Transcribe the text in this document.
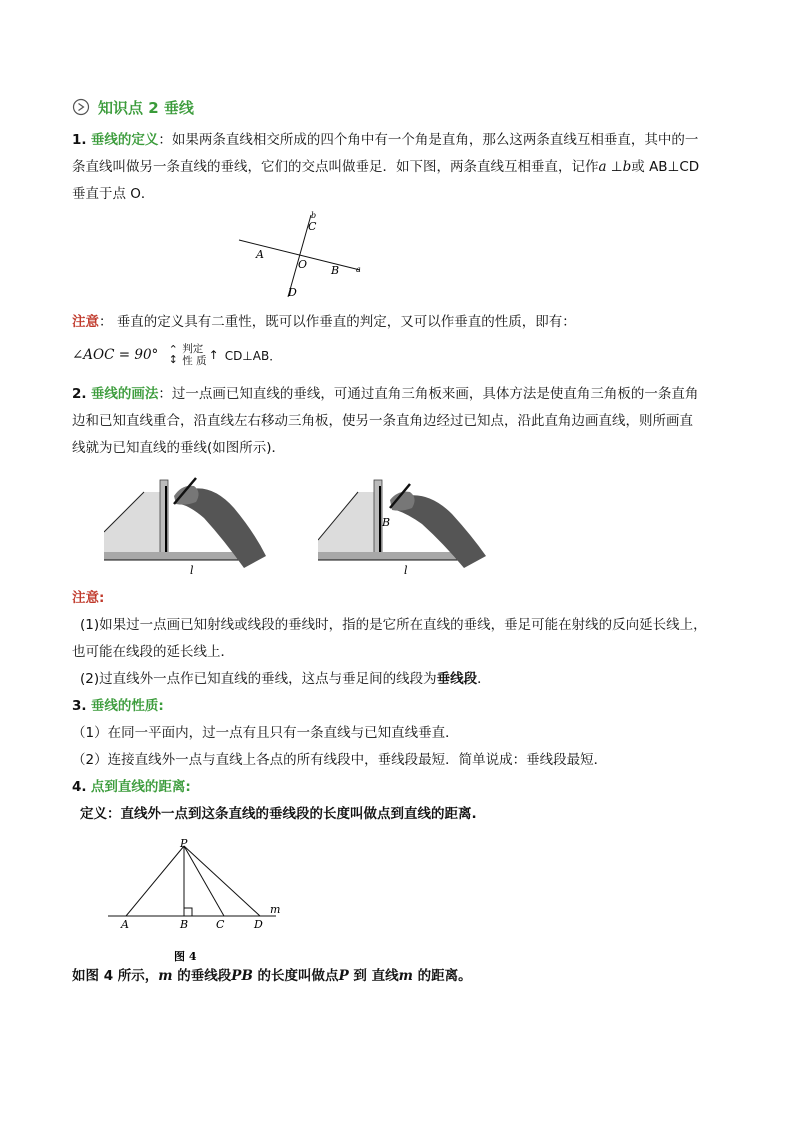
知识点 2 垂线
1. 垂线的定义：如果两条直线相交所成的四个角中有一个角是直角，那么这两条直线互相垂直，其中的一
条直线叫做另一条直线的垂线，它们的交点叫做垂足．如下图，两条直线互相垂直，记作a ⊥b或 AB⊥CD
垂直于点 O．
b
C
A
O B a
D
注意： 垂直的定义具有二重性，既可以作垂直的判定，又可以作垂直的性质，即有：
∠AOC = 90° ⌃
↕
判定
性 质 ↑ CD⊥AB．
2. 垂线的画法：过一点画已知直线的垂线，可通过直角三角板来画，具体方法是使直角三角板的一条直角
边和已知直线重合，沿直线左右移动三角板，使另一条直角边经过已知点，沿此直角边画直线，则所画直
线就为已知直线的垂线(如图所示)．
l
B
l
注意:
(1)如果过一点画已知射线或线段的垂线时，指的是它所在直线的垂线，垂足可能在射线的反向延长线上，
也可能在线段的延长线上．
(2)过直线外一点作已知直线的垂线，这点与垂足间的线段为垂线段．
3. 垂线的性质:
（1）在同一平面内，过一点有且只有一条直线与已知直线垂直．
（2）连接直线外一点与直线上各点的所有线段中，垂线段最短．简单说成：垂线段最短．
4. 点到直线的距离:
定义：直线外一点到这条直线的垂线段的长度叫做点到直线的距离.
P
m
A	B	C	D
图 4
如图 4 所示，m 的垂线段PB 的长度叫做点P 到 直线m 的距离。
